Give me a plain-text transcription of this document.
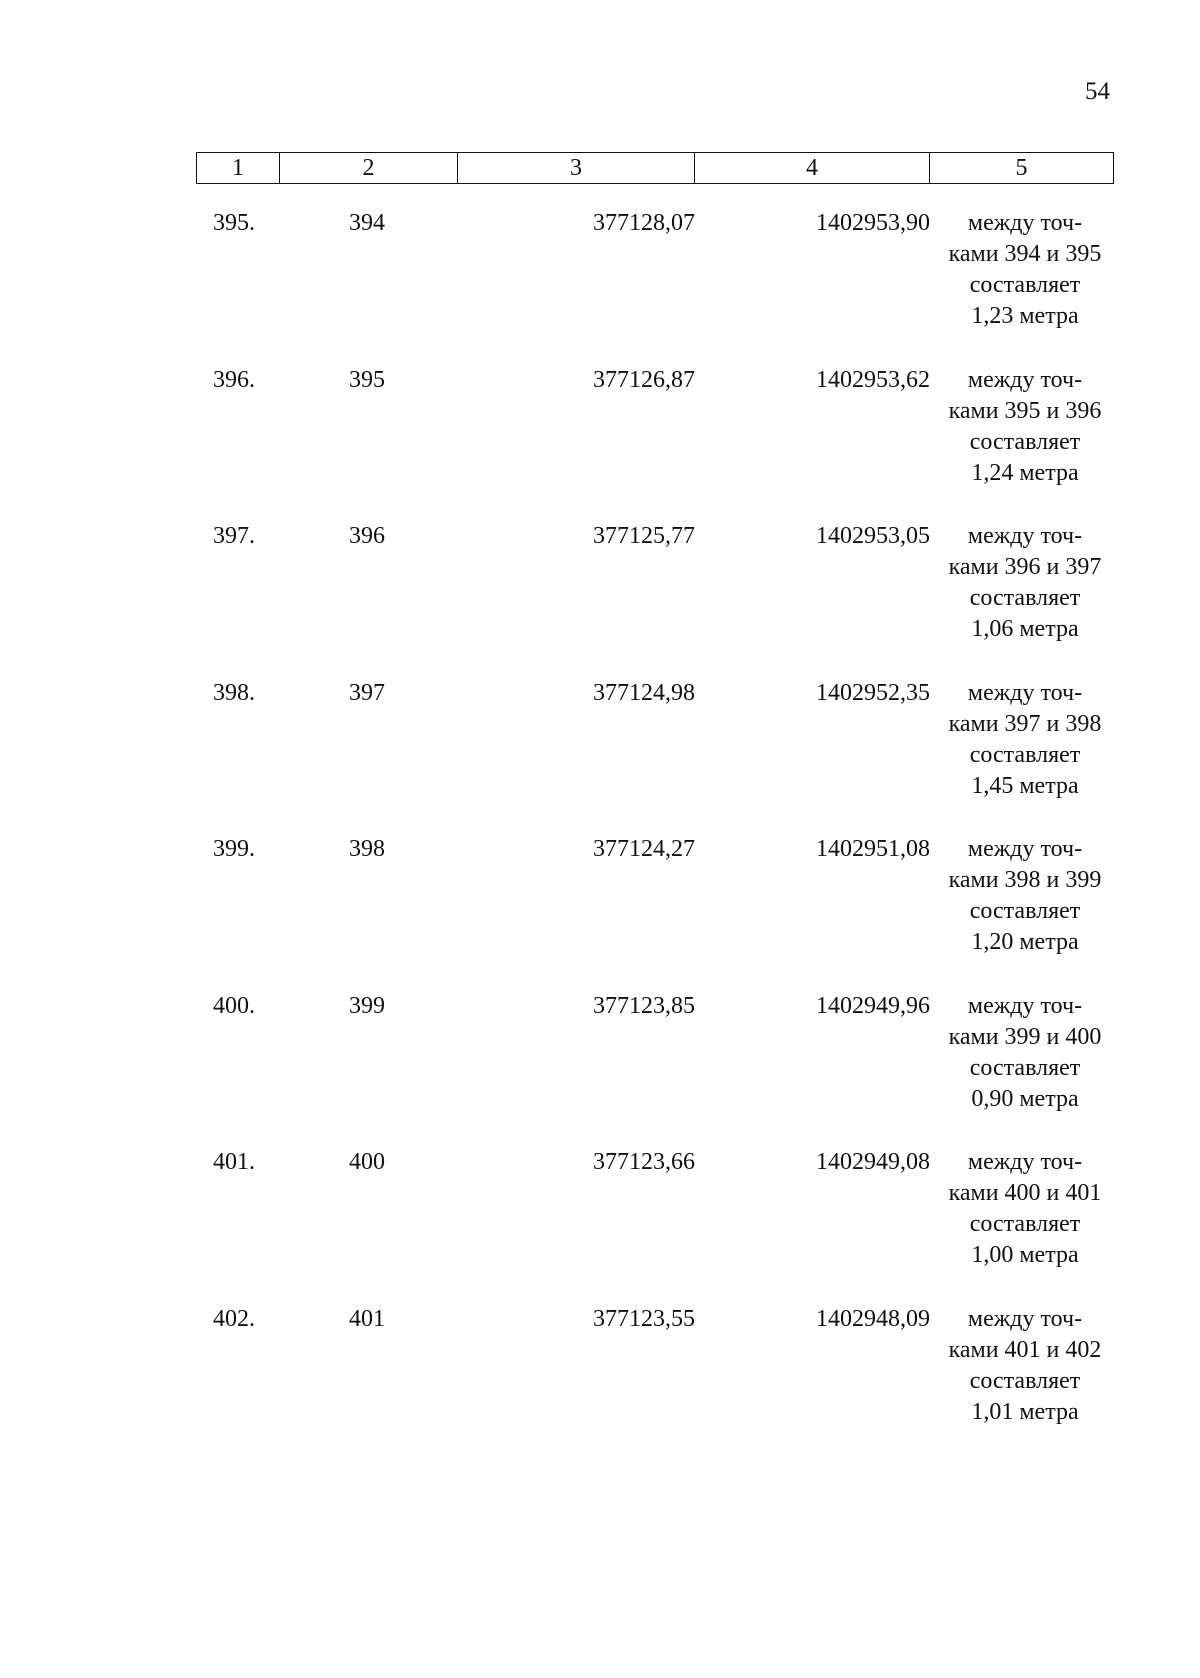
54
1	2	3	4	5
395.	394	377128,07	1402953,90	между точ-
ками 394 и 395
составляет
1,23 метра
396.	395	377126,87	1402953,62	между точ-
ками 395 и 396
составляет
1,24 метра
397.	396	377125,77	1402953,05	между точ-
ками 396 и 397
составляет
1,06 метра
398.	397	377124,98	1402952,35	между точ-
ками 397 и 398
составляет
1,45 метра
399.	398	377124,27	1402951,08	между точ-
ками 398 и 399
составляет
1,20 метра
400.	399	377123,85	1402949,96	между точ-
ками 399 и 400
составляет
0,90 метра
401.	400	377123,66	1402949,08	между точ-
ками 400 и 401
составляет
1,00 метра
402.	401	377123,55	1402948,09	между точ-
ками 401 и 402
составляет
1,01 метра
